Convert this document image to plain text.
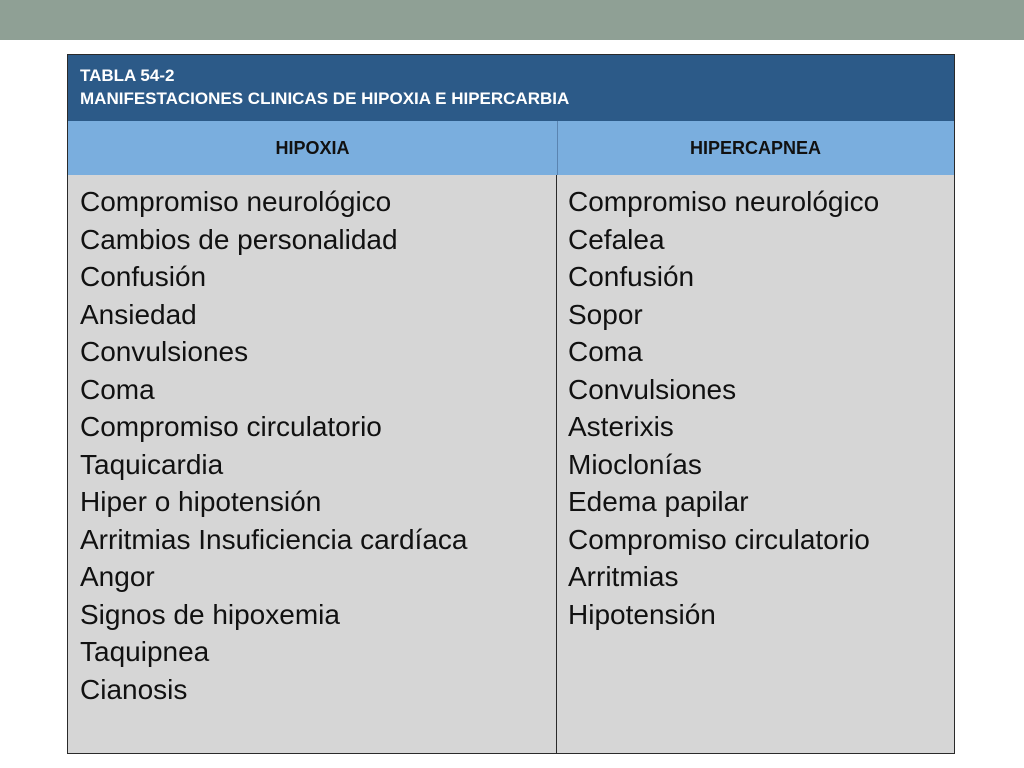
TABLA 54-2
MANIFESTACIONES CLINICAS DE HIPOXIA E HIPERCARBIA
HIPOXIA	HIPERCAPNEA
Compromiso neurológico
Cambios de personalidad
Confusión
Ansiedad
Convulsiones
Coma
Compromiso circulatorio
Taquicardia
Hiper o hipotensión
Arritmias Insuficiencia cardíaca
Angor
Signos de hipoxemia
Taquipnea
Cianosis
Compromiso neurológico
Cefalea
Confusión
Sopor
Coma
Convulsiones
Asterixis
Mioclonías
Edema papilar
Compromiso circulatorio
Arritmias
Hipotensión
